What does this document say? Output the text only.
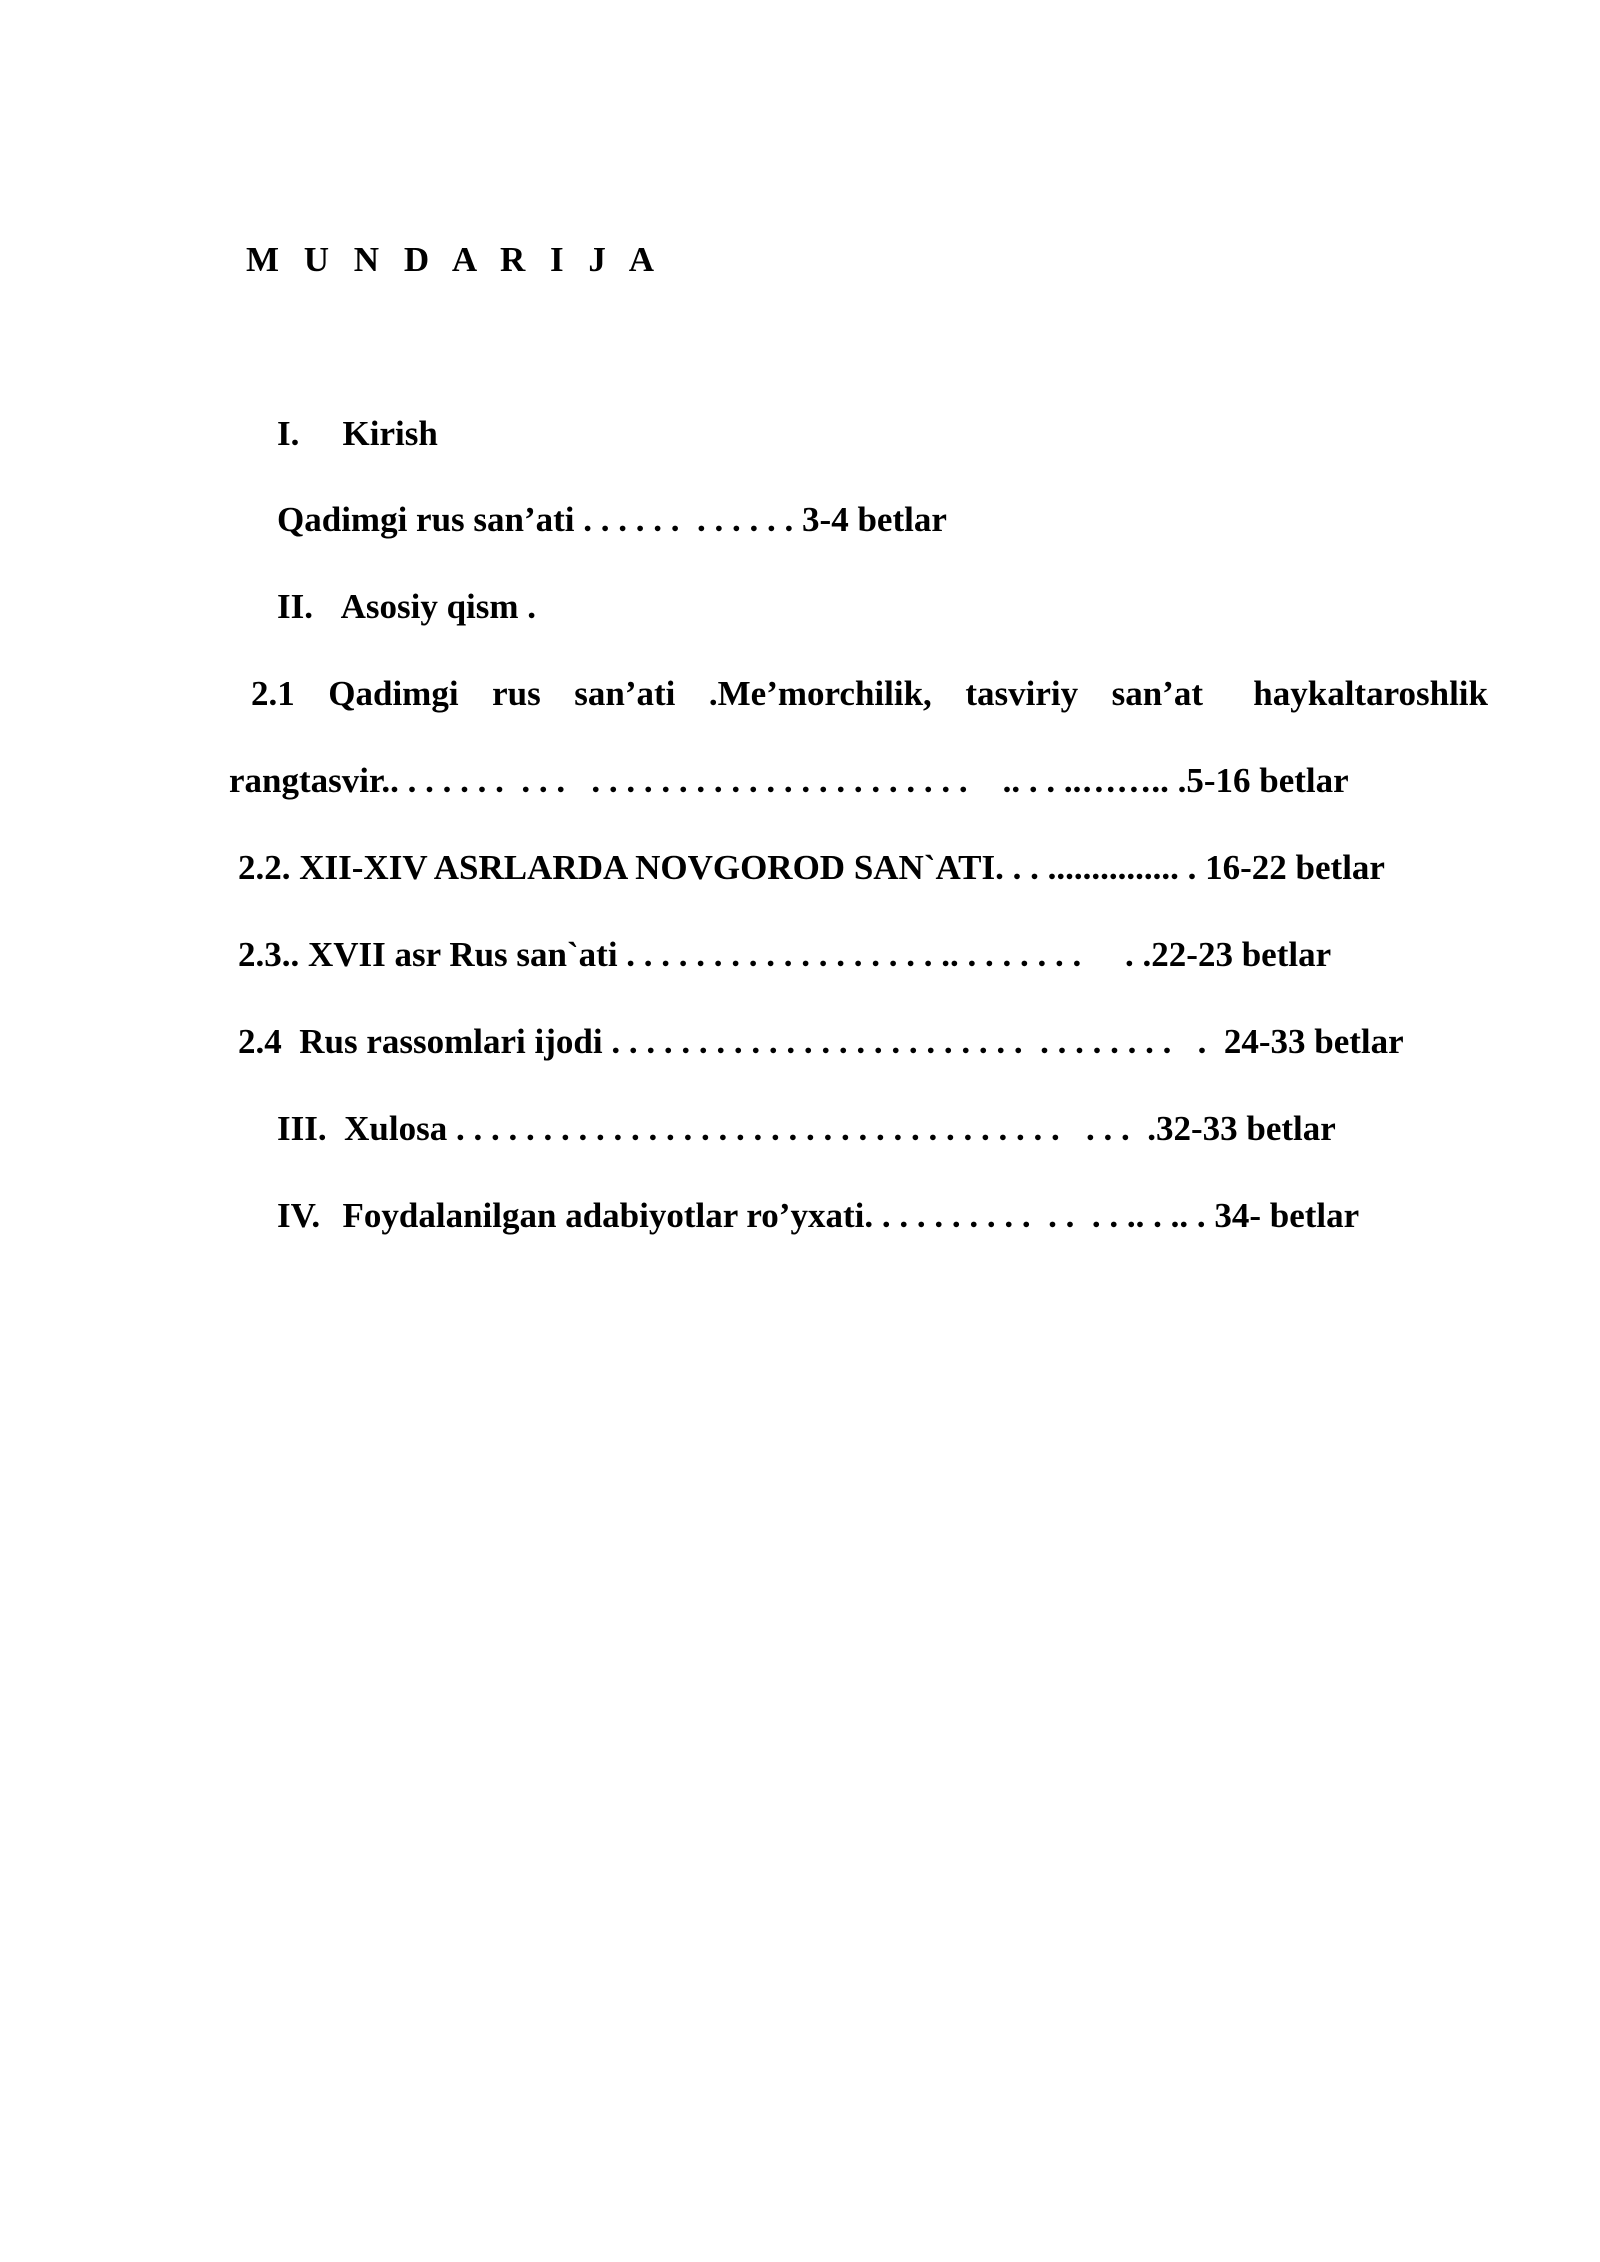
M U N D A R I J A
I. Kirish
Qadimgi rus san’ati . . . . . .  . . . . . . 3-4 betlar
II. Asosiy qism .
2.1  Qadimgi  rus  san’ati  .Me’morchilik,  tasviriy  san’at   haykaltaroshlik
rangtasvir.. . . . . . .  . . .   . . . . . . . . . . . . . . . . . . . . . .    .. . . ..…….. .5-16 betlar
2.2. XII-XIV ASRLARDA NOVGOROD SAN`ATI. . . ............... . 16-22 betlar
2.3.. XVII asr Rus san`ati . . . . . . . . . . . . . . . . . . .. . . . . . . .     . .22-23 betlar
2.4  Rus rassomlari ijodi . . . . . . . . . . . . . . . . . . . . . . . .  . . . . . . . .   .  24-33 betlar
III. Xulosa . . . . . . . . . . . . . . . . . . . . . . . . . . . . . . . . . . .   . . .  .32-33 betlar
IV. Foydalanilgan adabiyotlar ro’yxati. . . . . . . . . .  . .  . . .. . .. . 34- betlar
